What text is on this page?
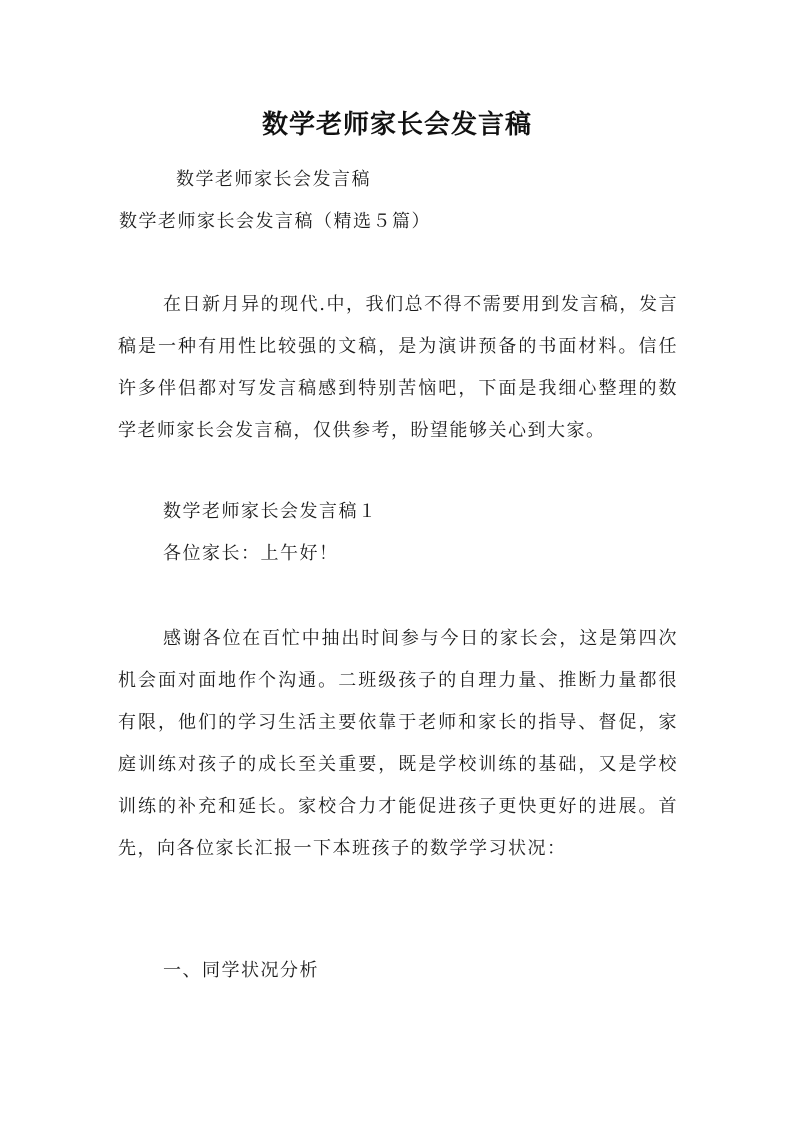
数学老师家长会发言稿
数学老师家长会发言稿
数学老师家长会发言稿（精选５篇）

在日新月异的现代.中，我们总不得不需要用到发言稿，发言稿是一种有用性比较强的文稿，是为演讲预备的书面材料。信任许多伴侣都对写发言稿感到特别苦恼吧，下面是我细心整理的数学老师家长会发言稿，仅供参考，盼望能够关心到大家。

数学老师家长会发言稿１
各位家长：上午好！

感谢各位在百忙中抽出时间参与今日的家长会，这是第四次机会面对面地作个沟通。二班级孩子的自理力量、推断力量都很有限，他们的学习生活主要依靠于老师和家长的指导、督促，家庭训练对孩子的成长至关重要，既是学校训练的基础，又是学校训练的补充和延长。家校合力才能促进孩子更快更好的进展。首先，向各位家长汇报一下本班孩子的数学学习状况：

一、同学状况分析
